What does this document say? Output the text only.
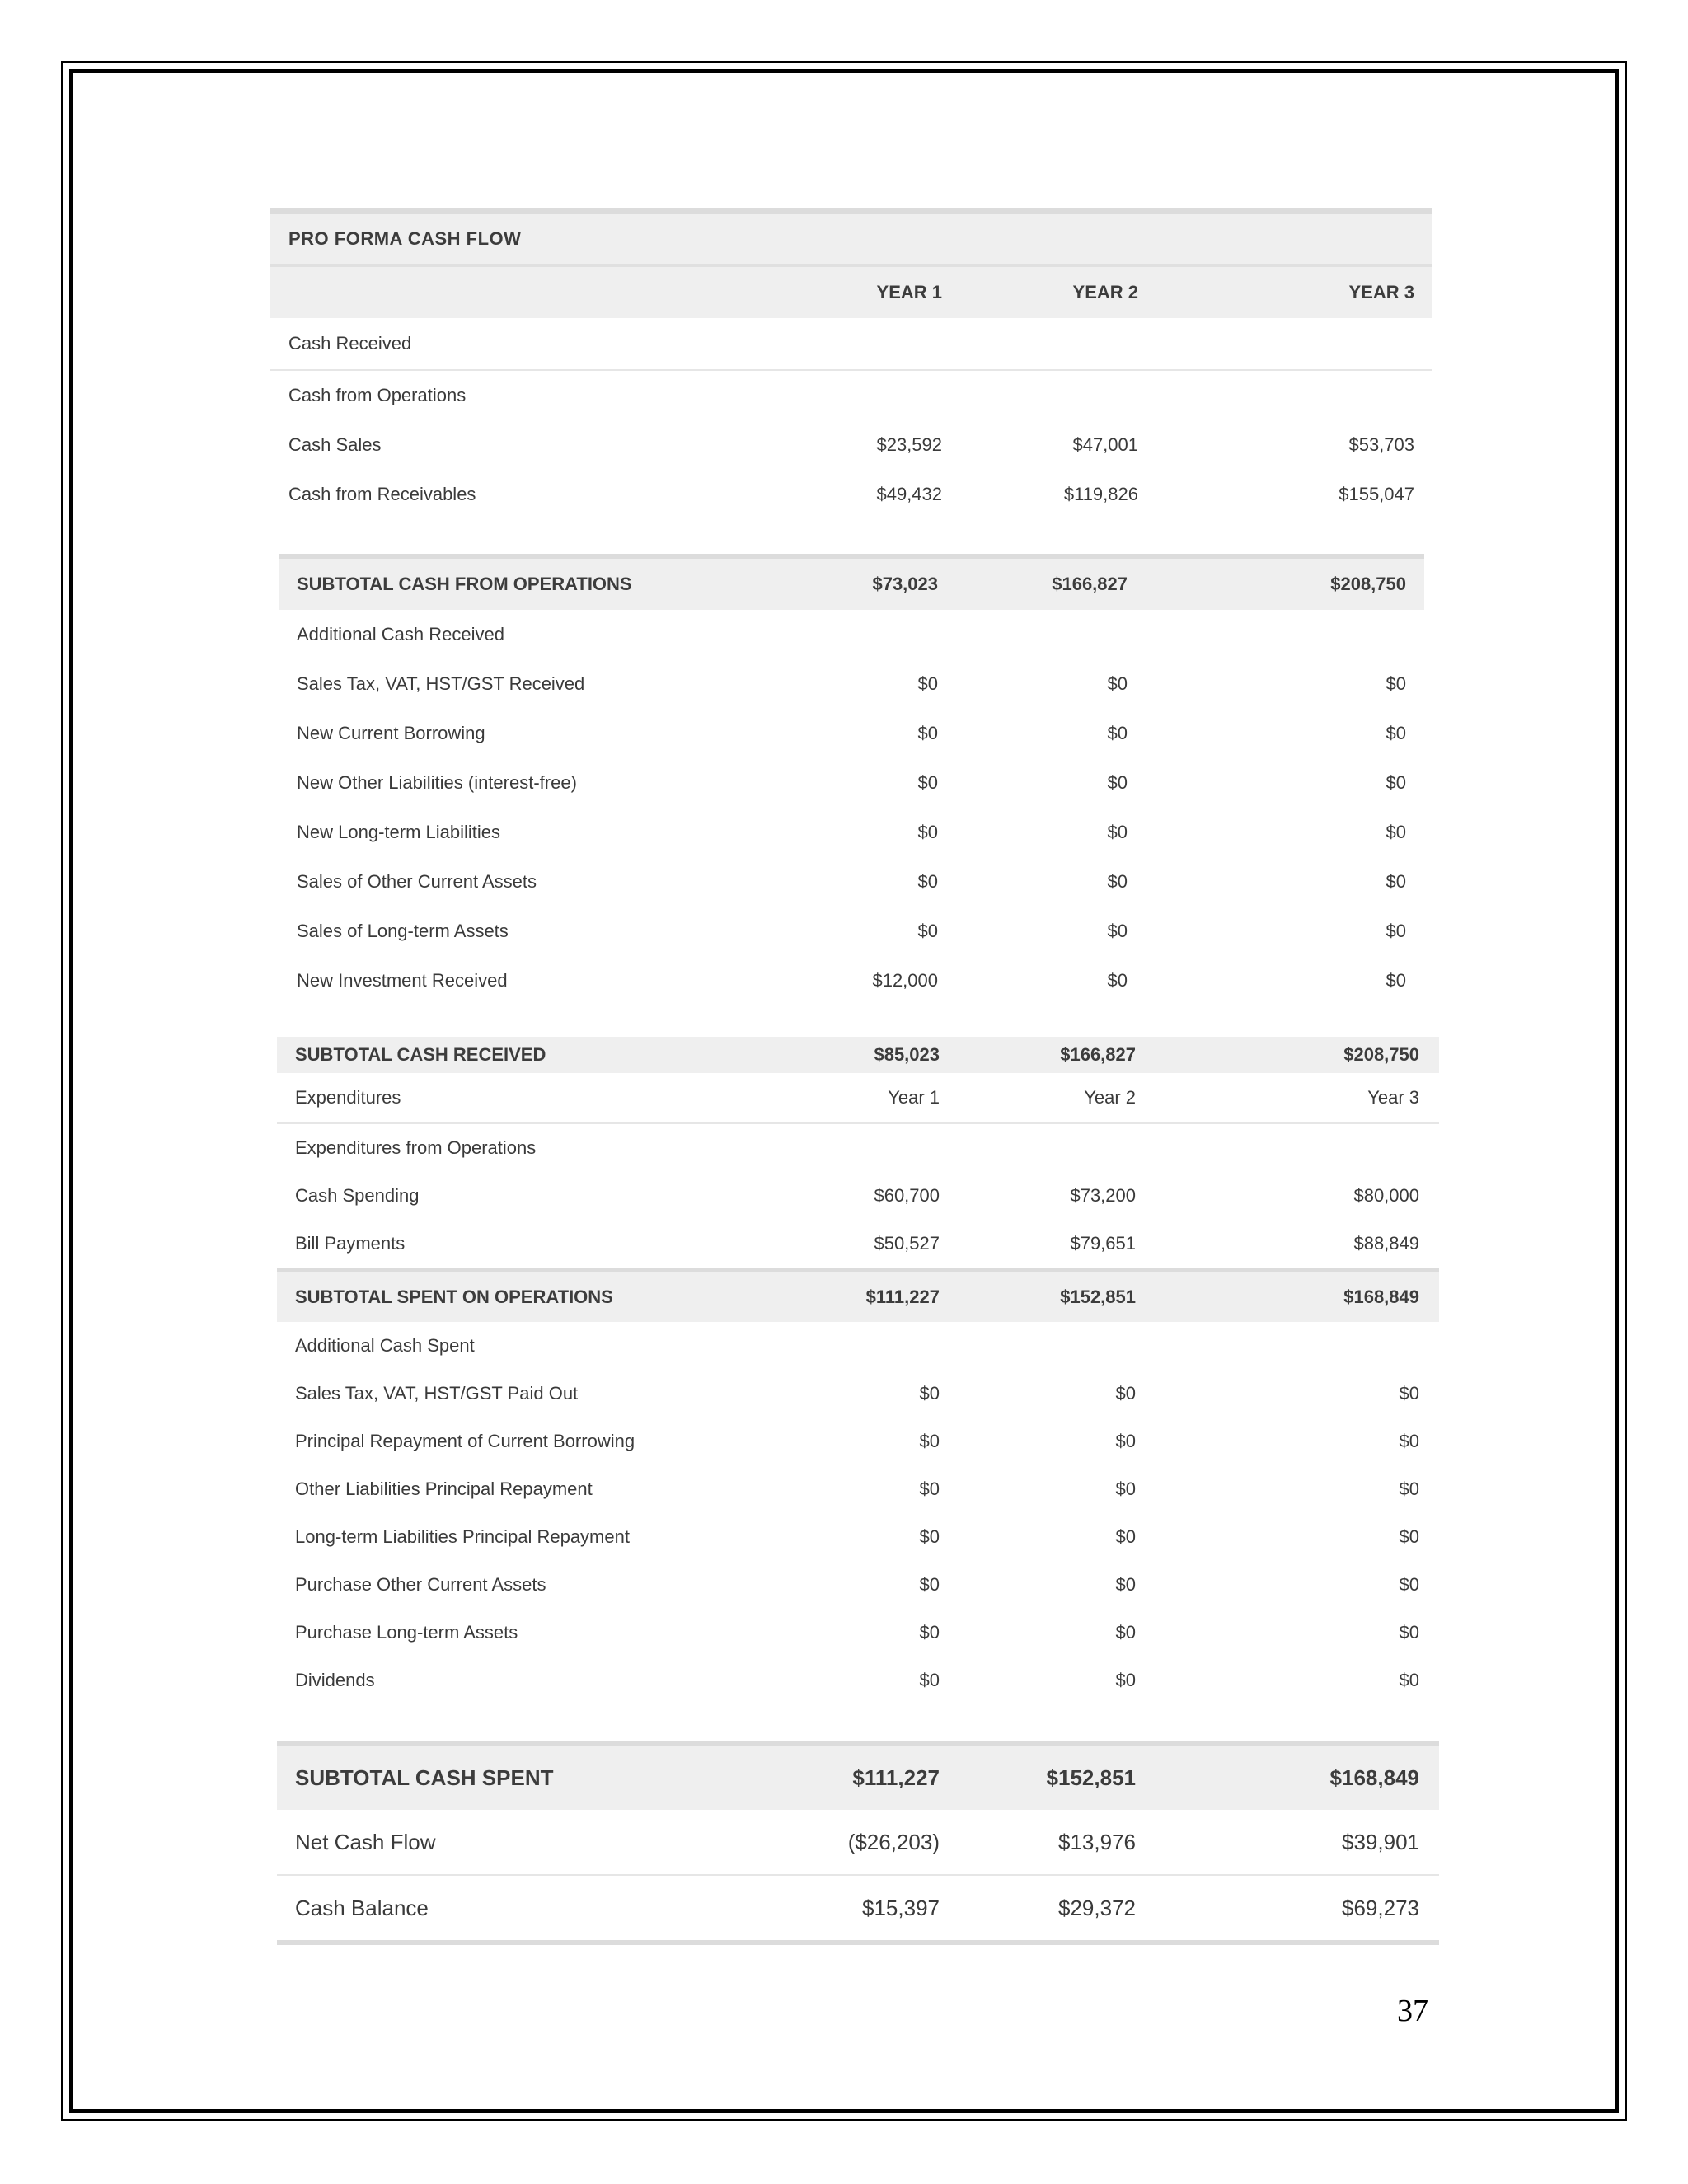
PRO FORMA CASH FLOW
YEAR 1	YEAR 2	YEAR 3
Cash Received
Cash from Operations
Cash Sales	$23,592	$47,001	$53,703
Cash from Receivables	$49,432	$119,826	$155,047
SUBTOTAL CASH FROM OPERATIONS	$73,023	$166,827	$208,750
Additional Cash Received
Sales Tax, VAT, HST/GST Received	$0	$0	$0
New Current Borrowing	$0	$0	$0
New Other Liabilities (interest-free)	$0	$0	$0
New Long-term Liabilities	$0	$0	$0
Sales of Other Current Assets	$0	$0	$0
Sales of Long-term Assets	$0	$0	$0
New Investment Received	$12,000	$0	$0
SUBTOTAL CASH RECEIVED	$85,023	$166,827	$208,750
Expenditures	Year 1	Year 2	Year 3
Expenditures from Operations
Cash Spending	$60,700	$73,200	$80,000
Bill Payments	$50,527	$79,651	$88,849
SUBTOTAL SPENT ON OPERATIONS	$111,227	$152,851	$168,849
Additional Cash Spent
Sales Tax, VAT, HST/GST Paid Out	$0	$0	$0
Principal Repayment of Current Borrowing	$0	$0	$0
Other Liabilities Principal Repayment	$0	$0	$0
Long-term Liabilities Principal Repayment	$0	$0	$0
Purchase Other Current Assets	$0	$0	$0
Purchase Long-term Assets	$0	$0	$0
Dividends	$0	$0	$0
SUBTOTAL CASH SPENT	$111,227	$152,851	$168,849
Net Cash Flow	($26,203)	$13,976	$39,901
Cash Balance	$15,397	$29,372	$69,273
37
